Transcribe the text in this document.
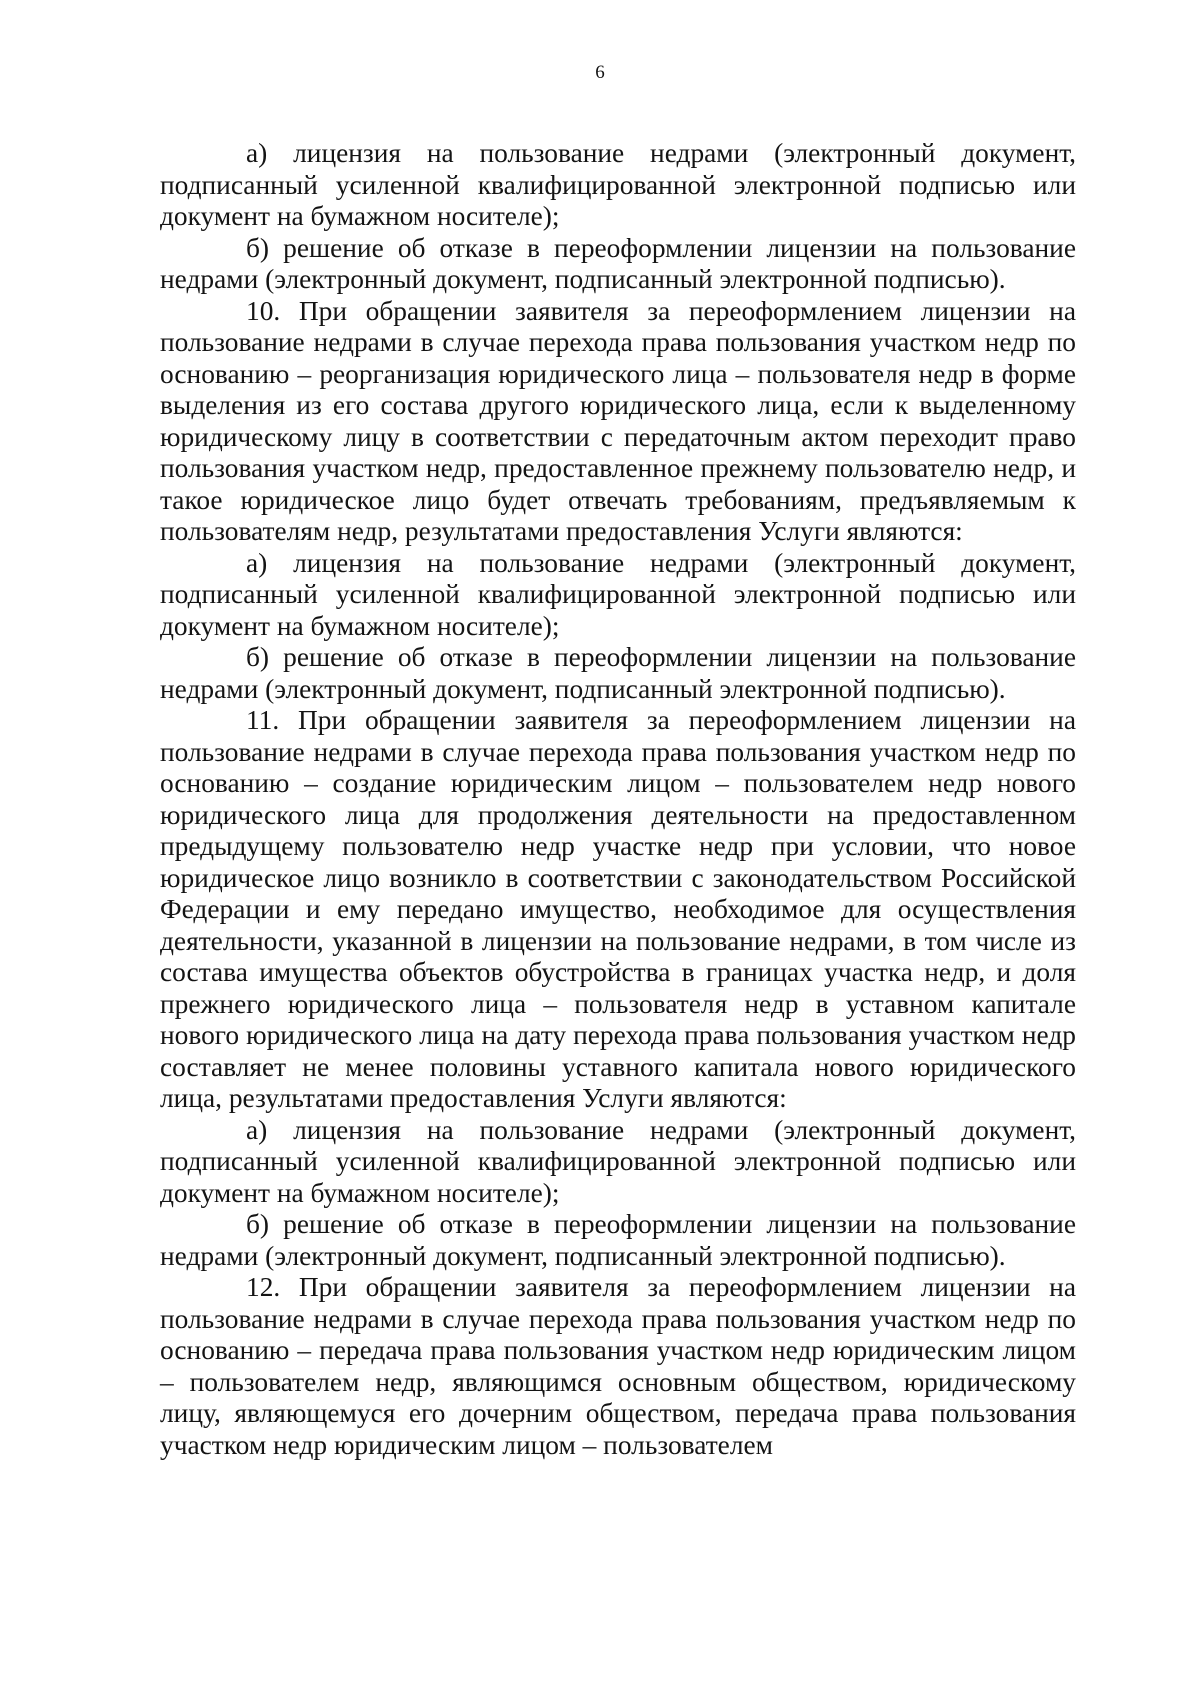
6

а) лицензия на пользование недрами (электронный документ, подписанный усиленной квалифицированной электронной подписью или документ на бумажном носителе);

б) решение об отказе в переоформлении лицензии на пользование недрами (электронный документ, подписанный электронной подписью).

10. При обращении заявителя за переоформлением лицензии на пользование недрами в случае перехода права пользования участком недр по основанию – реорганизация юридического лица – пользователя недр в форме выделения из его состава другого юридического лица, если к выделенному юридическому лицу в соответствии с передаточным актом переходит право пользования участком недр, предоставленное прежнему пользователю недр, и такое юридическое лицо будет отвечать требованиям, предъявляемым к пользователям недр, результатами предоставления Услуги являются:

а) лицензия на пользование недрами (электронный документ, подписанный усиленной квалифицированной электронной подписью или документ на бумажном носителе);

б) решение об отказе в переоформлении лицензии на пользование недрами (электронный документ, подписанный электронной подписью).

11. При обращении заявителя за переоформлением лицензии на пользование недрами в случае перехода права пользования участком недр по основанию – создание юридическим лицом – пользователем недр нового юридического лица для продолжения деятельности на предоставленном предыдущему пользователю недр участке недр при условии, что новое юридическое лицо возникло в соответствии с законодательством Российской Федерации и ему передано имущество, необходимое для осуществления деятельности, указанной в лицензии на пользование недрами, в том числе из состава имущества объектов обустройства в границах участка недр, и доля прежнего юридического лица – пользователя недр в уставном капитале нового юридического лица на дату перехода права пользования участком недр составляет не менее половины уставного капитала нового юридического лица, результатами предоставления Услуги являются:

а) лицензия на пользование недрами (электронный документ, подписанный усиленной квалифицированной электронной подписью или документ на бумажном носителе);

б) решение об отказе в переоформлении лицензии на пользование недрами (электронный документ, подписанный электронной подписью).

12. При обращении заявителя за переоформлением лицензии на пользование недрами в случае перехода права пользования участком недр по основанию – передача права пользования участком недр юридическим лицом – пользователем недр, являющимся основным обществом, юридическому лицу, являющемуся его дочерним обществом, передача права пользования участком недр юридическим лицом – пользователем
